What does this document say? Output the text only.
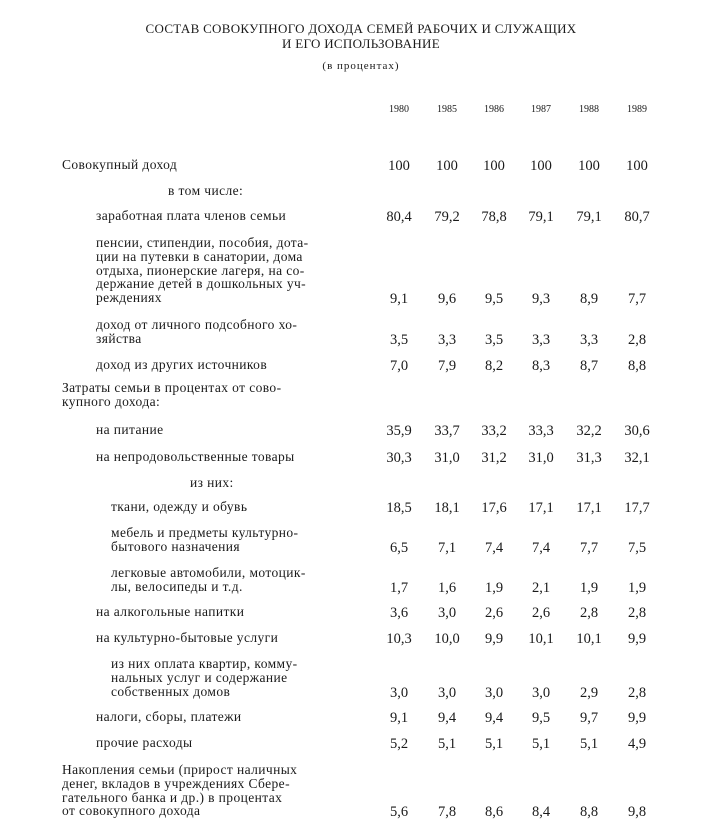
СОСТАВ СОВОКУПНОГО ДОХОДА СЕМЕЙ РАБОЧИХ И СЛУЖАЩИХ
И ЕГО ИСПОЛЬЗОВАНИЕ
(в процентах)
1980	1985	1986	1987	1988	1989
Совокупный доход	100	100	100	100	100	100
в том числе:
заработная плата членов семьи	80,4	79,2	78,8	79,1	79,1	80,7
пенсии, стипендии, пособия, дота-
ции на путевки в санатории, дома
отдыха, пионерские лагеря, на со-
держание детей в дошкольных уч-
реждениях	9,1	9,6	9,5	9,3	8,9	7,7
доход от личного подсобного хо-
зяйства	3,5	3,3	3,5	3,3	3,3	2,8
доход из других источников	7,0	7,9	8,2	8,3	8,7	8,8
Затраты семьи в процентах от сово-
купного дохода:
на питание	35,9	33,7	33,2	33,3	32,2	30,6
на непродовольственные товары	30,3	31,0	31,2	31,0	31,3	32,1
из них:
ткани, одежду и обувь	18,5	18,1	17,6	17,1	17,1	17,7
мебель и предметы культурно-
бытового назначения	6,5	7,1	7,4	7,4	7,7	7,5
легковые автомобили, мотоцик-
лы, велосипеды и т.д.	1,7	1,6	1,9	2,1	1,9	1,9
на алкогольные напитки	3,6	3,0	2,6	2,6	2,8	2,8
на культурно-бытовые услуги	10,3	10,0	9,9	10,1	10,1	9,9
из них оплата квартир, комму-
нальных услуг и содержание
собственных домов	3,0	3,0	3,0	3,0	2,9	2,8
налоги, сборы, платежи	9,1	9,4	9,4	9,5	9,7	9,9
прочие расходы	5,2	5,1	5,1	5,1	5,1	4,9
Накопления семьи (прирост наличных
денег, вкладов в учреждениях Сбере-
гательного банка и др.) в процентах
от совокупного дохода	5,6	7,8	8,6	8,4	8,8	9,8
